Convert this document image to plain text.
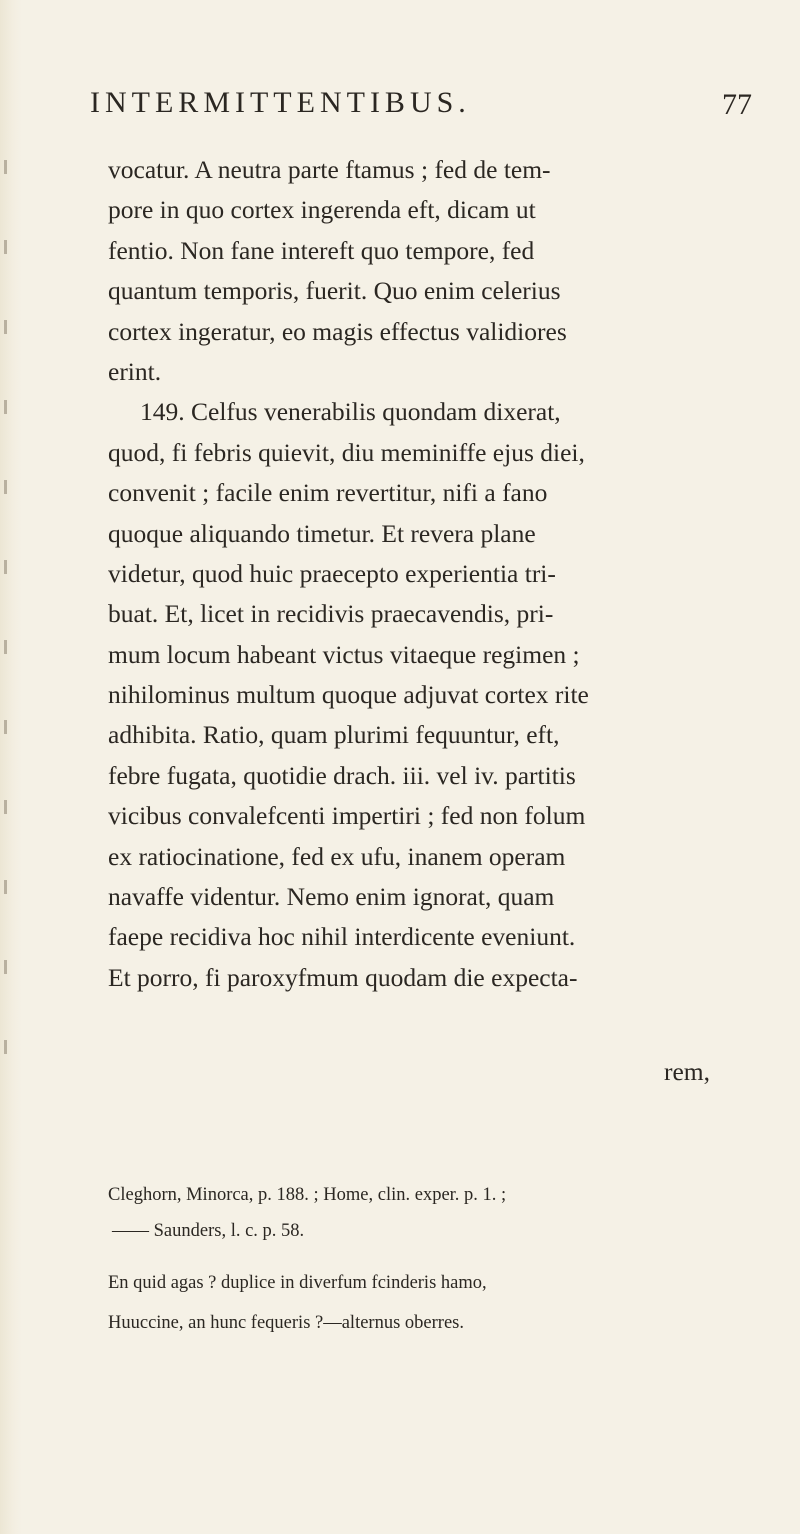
INTERMITTENTIBUS.	77
vocatur. A neutra parte ftamus ; fed de tem-
pore in quo cortex ingerenda eft, dicam ut
fentio. Non fane intereft quo tempore, fed
quantum temporis, fuerit. Quo enim celerius
cortex ingeratur, eo magis effectus validiores
erint.
149. Celfus venerabilis quondam dixerat,
quod, fi febris quievit, diu meminiffe ejus diei,
convenit ; facile enim revertitur, nifi a fano
quoque aliquando timetur. Et revera plane
videtur, quod huic praecepto experientia tri-
buat. Et, licet in recidivis praecavendis, pri-
mum locum habeant victus vitaeque regimen ;
nihilominus multum quoque adjuvat cortex rite
adhibita. Ratio, quam plurimi fequuntur, eft,
febre fugata, quotidie drach. iii. vel iv. partitis
vicibus convalefcenti impertiri ; fed non folum
ex ratiocinatione, fed ex ufu, inanem operam
navaffe videntur. Nemo enim ignorat, quam
faepe recidiva hoc nihil interdicente eveniunt.
Et porro, fi paroxyfmum quodam die expecta-
rem,
Cleghorn, Minorca, p. 188. ; Home, clin. exper. p. 1. ;
—— Saunders, l. c. p. 58.
En quid agas ? duplice in diverfum fcinderis hamo,
Huuccine, an hunc fequeris ?—alternus oberres.
